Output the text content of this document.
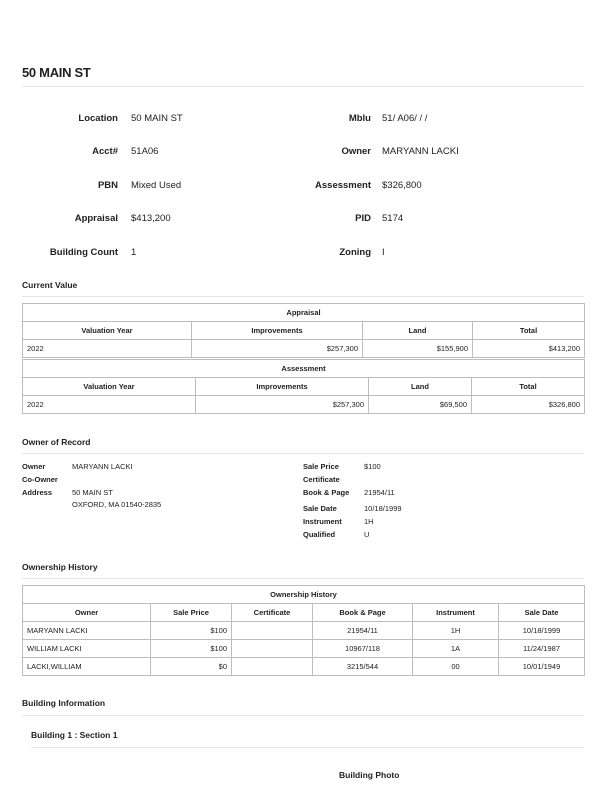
50 MAIN ST
Location 50 MAIN ST	Mblu 51/ A06/ / /
Acct# 51A06	Owner MARYANN LACKI
PBN Mixed Used	Assessment $326,800
Appraisal $413,200	PID 5174
Building Count 1	Zoning I
Current Value
Appraisal			
Valuation Year	Improvements	Land	Total
2022	$257,300	$155,900	$413,200
Assessment			
Valuation Year	Improvements	Land	Total
2022	$257,300	$69,500	$326,800
Owner of Record
Owner	MARYANN LACKI
Co-Owner
Address	50 MAIN ST
OXFORD, MA 01540-2835
Sale Price	$100
Certificate
Book & Page 21954/11
Sale Date	10/18/1999
Instrument	1H
Qualified	U
Ownership History
Ownership History					
Owner	Sale Price	Certificate	Book & Page	Instrument	Sale Date
MARYANN LACKI	$100		21954/11	1H	10/18/1999
WILLIAM LACKI	$100		10967/118	1A	11/24/1987
LACKI,WILLIAM	$0		3215/544	00	10/01/1949
Building Information
Building 1 : Section 1
Building Photo
